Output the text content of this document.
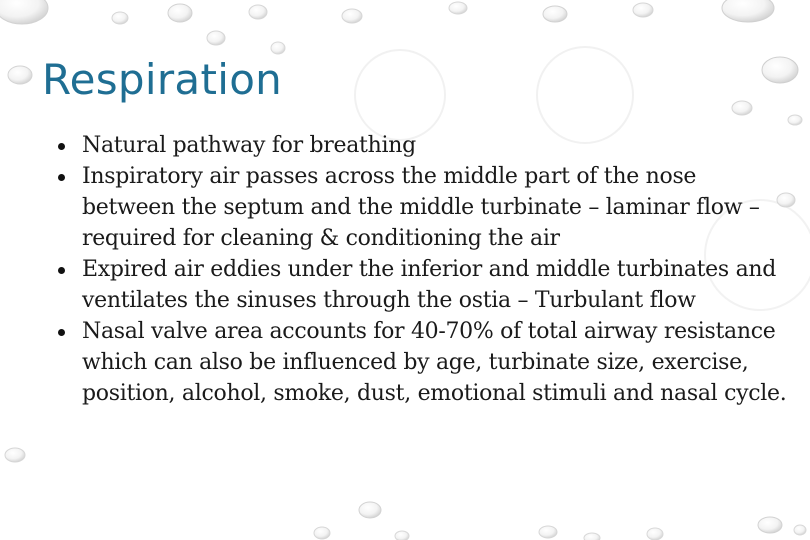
Respiration
Natural pathway for breathing
Inspiratory air passes across the middle part of the nose between the septum and the middle turbinate – laminar flow – required for cleaning & conditioning the air
Expired air eddies under the inferior and middle turbinates and ventilates the sinuses through the ostia – Turbulant flow
Nasal valve area accounts for 40-70% of total airway resistance which can also be influenced by age, turbinate size, exercise, position, alcohol, smoke, dust, emotional stimuli and nasal cycle.
